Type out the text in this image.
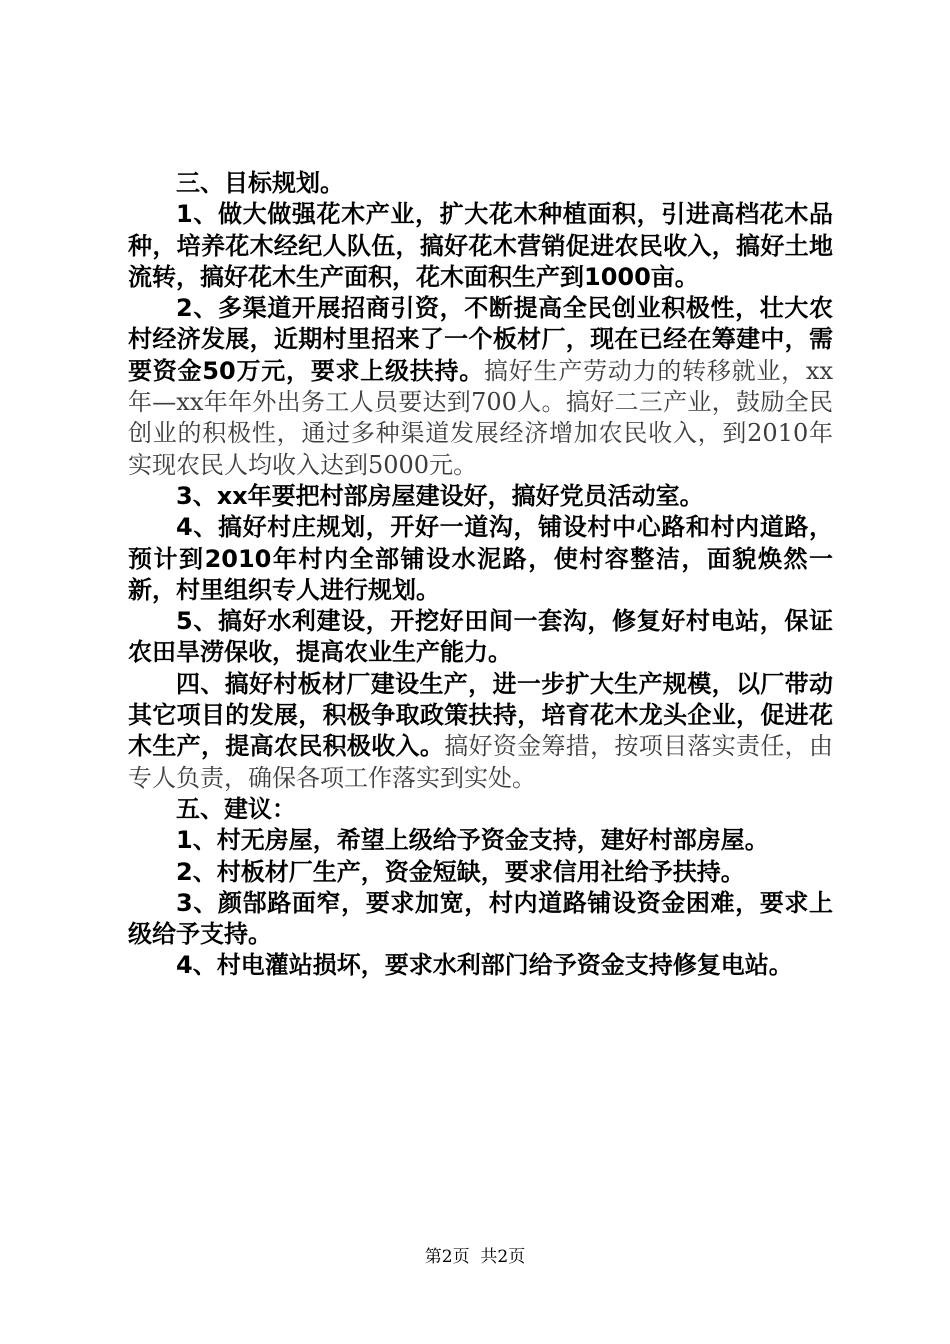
三、目标规划。

1、做大做强花木产业，扩大花木种植面积，引进高档花木品种，培养花木经纪人队伍，搞好花木营销促进农民收入，搞好土地流转，搞好花木生产面积，花木面积生产到1000亩。

2、多渠道开展招商引资，不断提高全民创业积极性，壮大农村经济发展，近期村里招来了一个板材厂，现在已经在筹建中，需要资金50万元，要求上级扶持。搞好生产劳动力的转移就业，xx年—xx年年外出务工人员要达到700人。搞好二三产业，鼓励全民创业的积极性，通过多种渠道发展经济增加农民收入，到2010年实现农民人均收入达到5000元。

3、xx年要把村部房屋建设好，搞好党员活动室。

4、搞好村庄规划，开好一道沟，铺设村中心路和村内道路，预计到2010年村内全部铺设水泥路，使村容整洁，面貌焕然一新，村里组织专人进行规划。

5、搞好水利建设，开挖好田间一套沟，修复好村电站，保证农田旱涝保收，提高农业生产能力。

四、搞好村板材厂建设生产，进一步扩大生产规模，以厂带动其它项目的发展，积极争取政策扶持，培育花木龙头企业，促进花木生产，提高农民积极收入。搞好资金筹措，按项目落实责任，由专人负责，确保各项工作落实到实处。

五、建议：

1、村无房屋，希望上级给予资金支持，建好村部房屋。

2、村板材厂生产，资金短缺，要求信用社给予扶持。

3、颜郜路面窄，要求加宽，村内道路铺设资金困难，要求上级给予支持。

4、村电灌站损坏，要求水利部门给予资金支持修复电站。

第2页  共2页
